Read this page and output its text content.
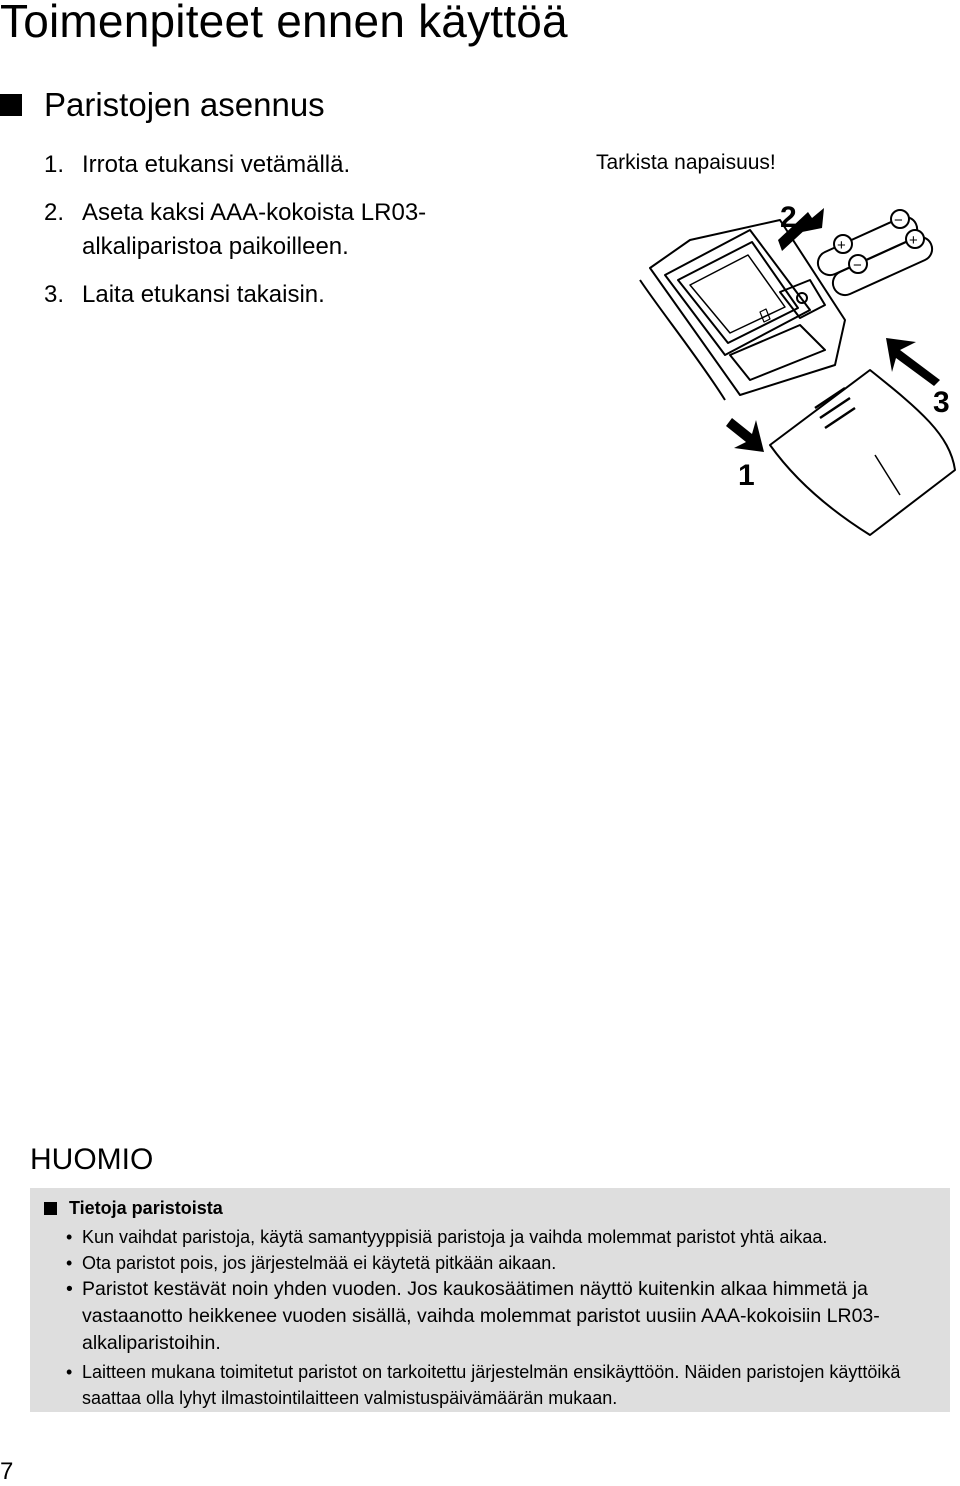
Toimenpiteet ennen käyttöä
Paristojen asennus
1. Irrota etukansi vetämällä.
2. Aseta kaksi AAA-kokoista LR03-alkaliparistoa paikoilleen.
3. Laita etukansi takaisin.
Tarkista napaisuus!
+
−
−
+
1
2
3
HUOMIO
Tietoja paristoista
• Kun vaihdat paristoja, käytä samantyyppisiä paristoja ja vaihda molemmat paristot yhtä aikaa.
• Ota paristot pois, jos järjestelmää ei käytetä pitkään aikaan.
• Paristot kestävät noin yhden vuoden. Jos kaukosäätimen näyttö kuitenkin alkaa himmetä ja vastaanotto heikkenee vuoden sisällä, vaihda molemmat paristot uusiin AAA-kokoisiin LR03-alkaliparistoihin.
• Laitteen mukana toimitetut paristot on tarkoitettu järjestelmän ensikäyttöön. Näiden paristojen käyttöikä saattaa olla lyhyt ilmastointilaitteen valmistuspäivämäärän mukaan.
7
